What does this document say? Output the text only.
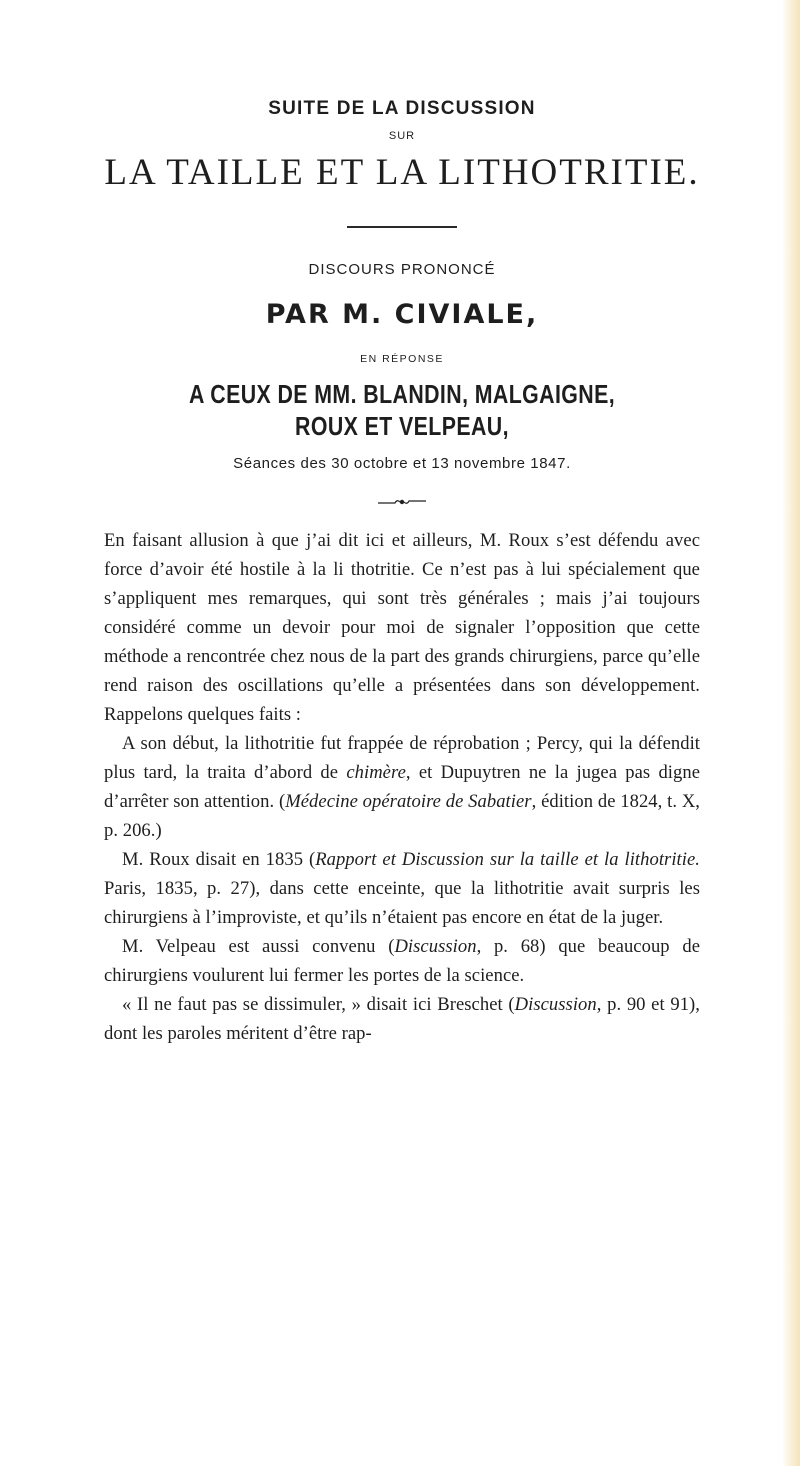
SUITE DE LA DISCUSSION
SUR
LA TAILLE ET LA LITHOTRITIE.
DISCOURS PRONONCÉ
PAR M. CIVIALE,
EN RÉPONSE
A CEUX DE MM. BLANDIN, MALGAIGNE, ROUX ET VELPEAU,
Séances des 30 octobre et 13 novembre 1847.

En faisant allusion à que j’ai dit ici et ailleurs, M. Roux s’est défendu avec force d’avoir été hostile à la li thotritie. Ce n’est pas à lui spécialement que s’appliquent mes remarques, qui sont très générales ; mais j’ai toujours considéré comme un devoir pour moi de signaler l’opposition que cette méthode a rencontrée chez nous de la part des grands chirurgiens, parce qu’elle rend raison des oscillations qu’elle a présentées dans son développement. Rappelons quelques faits :

A son début, la lithotritie fut frappée de réprobation ; Percy, qui la défendit plus tard, la traita d’abord de chimère, et Dupuytren ne la jugea pas digne d’arrêter son attention. (Médecine opératoire de Sabatier, édition de 1824, t. X, p. 206.)

M. Roux disait en 1835 (Rapport et Discussion sur la taille et la lithotritie. Paris, 1835, p. 27), dans cette enceinte, que la lithotritie avait surpris les chirurgiens à l’improviste, et qu’ils n’étaient pas encore en état de la juger.

M. Velpeau est aussi convenu (Discussion, p. 68) que beaucoup de chirurgiens voulurent lui fermer les portes de la science.

« Il ne faut pas se dissimuler, » disait ici Breschet (Discussion, p. 90 et 91), dont les paroles méritent d’être rap-
